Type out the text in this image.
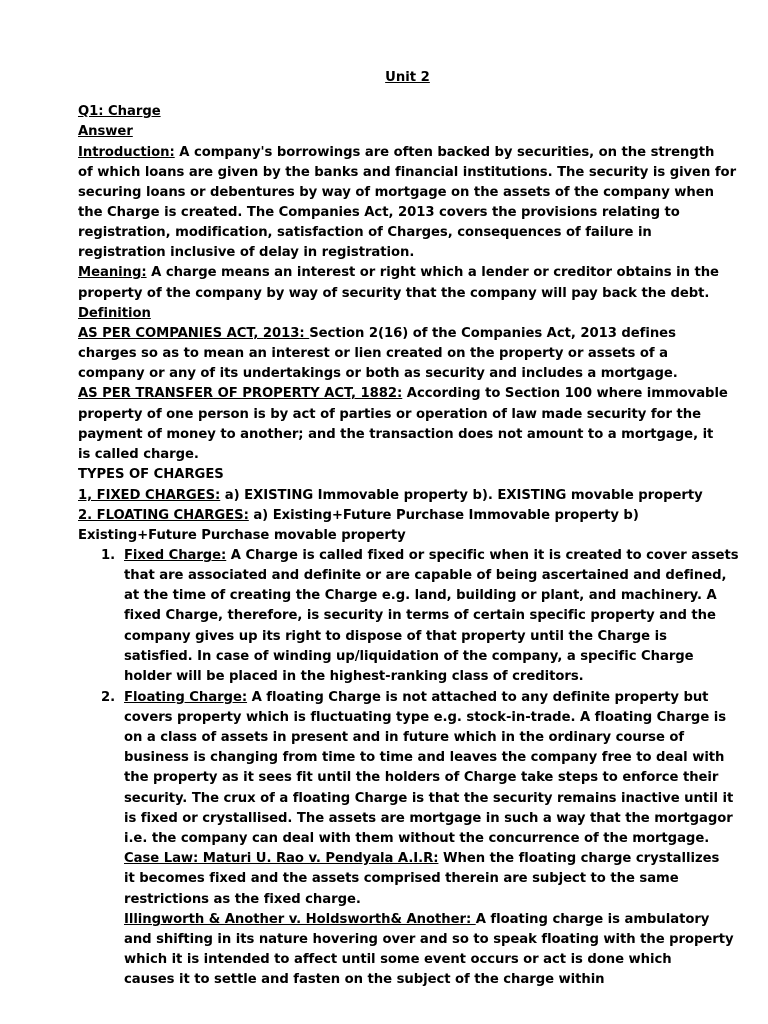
Unit 2
Q1: Charge
Answer
Introduction: A company's borrowings are often backed by securities, on the strength
of which loans are given by the banks and financial institutions. The security is given for
securing loans or debentures by way of mortgage on the assets of the company when
the Charge is created. The Companies Act, 2013 covers the provisions relating to
registration, modification, satisfaction of Charges, consequences of failure in
registration inclusive of delay in registration.
Meaning: A charge means an interest or right which a lender or creditor obtains in the
property of the company by way of security that the company will pay back the debt.
Definition
AS PER COMPANIES ACT, 2013: Section 2(16) of the Companies Act, 2013 defines
charges so as to mean an interest or lien created on the property or assets of a
company or any of its undertakings or both as security and includes a mortgage.
AS PER TRANSFER OF PROPERTY ACT, 1882: According to Section 100 where immovable
property of one person is by act of parties or operation of law made security for the
payment of money to another; and the transaction does not amount to a mortgage, it
is called charge.
TYPES OF CHARGES
1, FIXED CHARGES: a) EXISTING Immovable property b). EXISTING movable property
2. FLOATING CHARGES: a) Existing+Future Purchase Immovable property b)
Existing+Future Purchase movable property
1. Fixed Charge: A Charge is called fixed or specific when it is created to cover assets
that are associated and definite or are capable of being ascertained and defined,
at the time of creating the Charge e.g. land, building or plant, and machinery. A
fixed Charge, therefore, is security in terms of certain specific property and the
company gives up its right to dispose of that property until the Charge is
satisfied. In case of winding up/liquidation of the company, a specific Charge
holder will be placed in the highest-ranking class of creditors.
2. Floating Charge: A floating Charge is not attached to any definite property but
covers property which is fluctuating type e.g. stock-in-trade. A floating Charge is
on a class of assets in present and in future which in the ordinary course of
business is changing from time to time and leaves the company free to deal with
the property as it sees fit until the holders of Charge take steps to enforce their
security. The crux of a floating Charge is that the security remains inactive until it
is fixed or crystallised. The assets are mortgage in such a way that the mortgagor
i.e. the company can deal with them without the concurrence of the mortgage.
Case Law: Maturi U. Rao v. Pendyala A.I.R: When the floating charge crystallizes
it becomes fixed and the assets comprised therein are subject to the same
restrictions as the fixed charge.
Illingworth & Another v. Holdsworth& Another: A floating charge is ambulatory
and shifting in its nature hovering over and so to speak floating with the property
which it is intended to affect until some event occurs or act is done which
causes it to settle and fasten on the subject of the charge within
